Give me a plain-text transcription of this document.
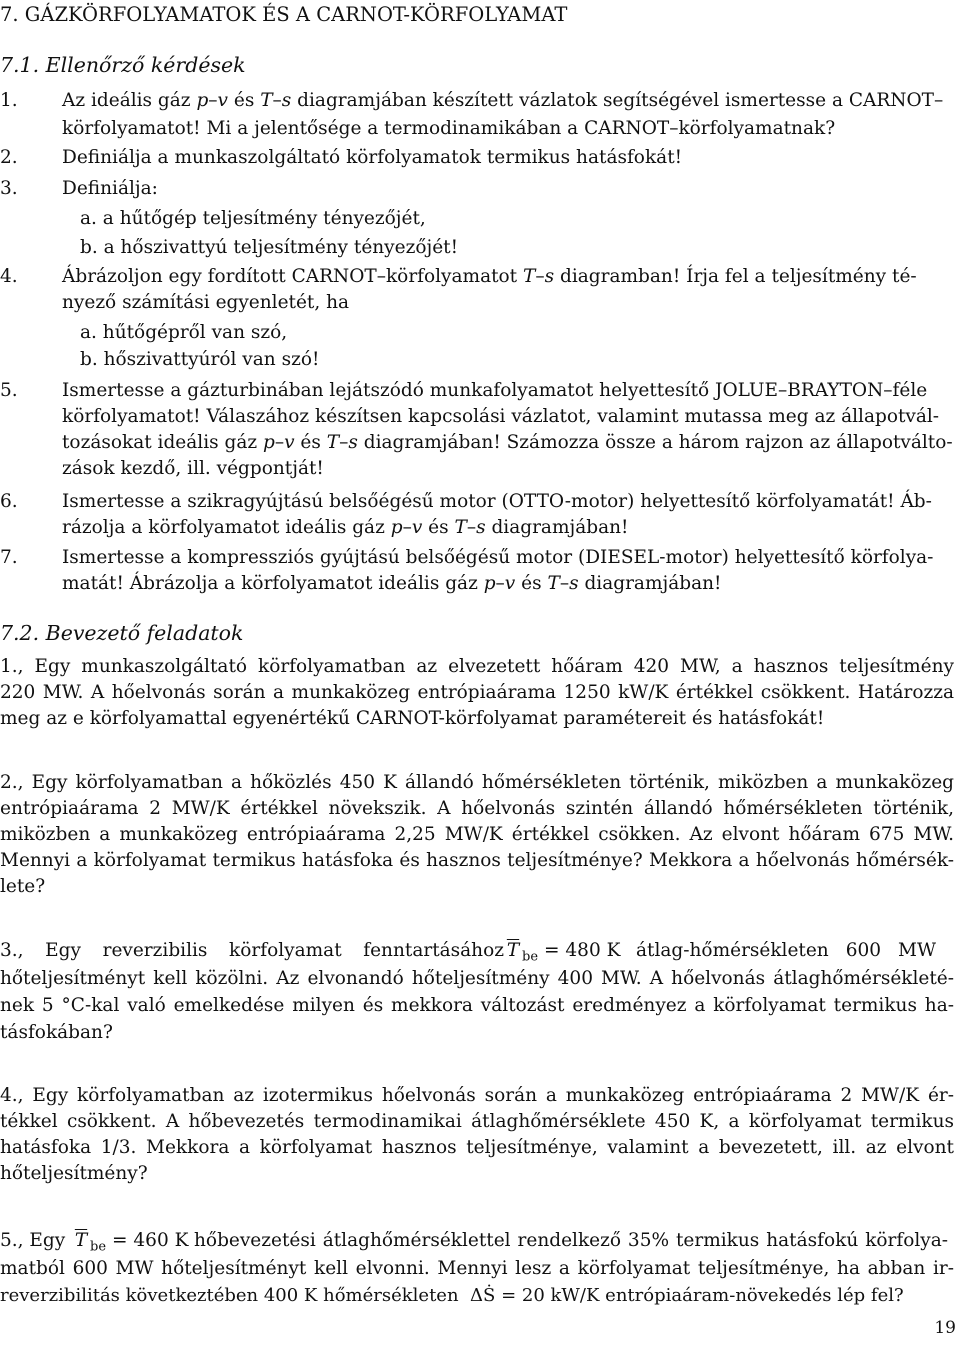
7. GÁZKÖRFOLYAMATOK ÉS A CARNOT-KÖRFOLYAMAT
7.1. Ellenőrző kérdések
1. Az ideális gáz p–v és T–s diagramjában készített vázlatok segítségével ismertesse a CARNOT–
körfolyamatot! Mi a jelentősége a termodinamikában a CARNOT–körfolyamatnak?
2. Definiálja a munkaszolgáltató körfolyamatok termikus hatásfokát!
3. Definiálja:
a. a hűtőgép teljesítmény tényezőjét,
b. a hőszivattyú teljesítmény tényezőjét!
4. Ábrázoljon egy fordított CARNOT–körfolyamatot T–s diagramban! Írja fel a teljesítmény té-
nyező számítási egyenletét, ha
a. hűtőgépről van szó,
b. hőszivattyúról van szó!
5. Ismertesse a gázturbinában lejátszódó munkafolyamatot helyettesítő JOLUE–BRAYTON–féle
körfolyamatot! Válaszához készítsen kapcsolási vázlatot, valamint mutassa meg az állapotvál-
tozásokat ideális gáz p–v és T–s diagramjában! Számozza össze a három rajzon az állapotválto-
zások kezdő, ill. végpontját!
6. Ismertesse a szikragyújtású belsőégésű motor (OTTO-motor) helyettesítő körfolyamatát! Áb-
rázolja a körfolyamatot ideális gáz p–v és T–s diagramjában!
7. Ismertesse a kompressziós gyújtású belsőégésű motor (DIESEL-motor) helyettesítő körfolya-
matát! Ábrázolja a körfolyamatot ideális gáz p–v és T–s diagramjában!
7.2. Bevezető feladatok
1., Egy munkaszolgáltató körfolyamatban az elvezetett hőáram 420 MW, a hasznos teljesítmény
220 MW. A hőelvonás során a munkaközeg entrópiaárama 1250 kW/K értékkel csökkent. Határozza
meg az e körfolyamattal egyenértékű CARNOT-körfolyamat paramétereit és hatásfokát!
2., Egy körfolyamatban a hőközlés 450 K állandó hőmérsékleten történik, miközben a munkaközeg
entrópiaárama 2 MW/K értékkel növekszik. A hőelvonás szintén állandó hőmérsékleten történik,
miközben a munkaközeg entrópiaárama 2,25 MW/K értékkel csökken. Az elvont hőáram 675 MW.
Mennyi a körfolyamat termikus hatásfoka és hasznos teljesítménye? Mekkora a hőelvonás hőmérsék-
lete?
3., Egy reverzibilis körfolyamat fenntartásához $\overline{T}$ $_{be}$ = 480 K átlag-hőmérsékleten 600 MW
hőteljesítményt kell közölni. Az elvonandó hőteljesítmény 400 MW. A hőelvonás átlaghőmérsékleté-
nek 5 °C-kal való emelkedése milyen és mekkora változást eredményez a körfolyamat termikus ha-
tásfokában?
4., Egy körfolyamatban az izotermikus hőelvonás során a munkaközeg entrópiaárama 2 MW/K ér-
tékkel csökkent. A hőbevezetés termodinamikai átlaghőmérséklete 450 K, a körfolyamat termikus
hatásfoka 1/3. Mekkora a körfolyamat hasznos teljesítménye, valamint a bevezetett, ill. az elvont
hőteljesítmény?
5., Egy $\overline{T}$ $_{be}$ = 460 K hőbevezetési átlaghőmérséklettel rendelkező 35% termikus hatásfokú körfolya-
matból 600 MW hőteljesítményt kell elvonni. Mennyi lesz a körfolyamat teljesítménye, ha abban ir-
reverzibilitás következtében 400 K hőmérsékleten ΔṠ = 20 kW/K entrópiaáram-növekedés lép fel?
19
